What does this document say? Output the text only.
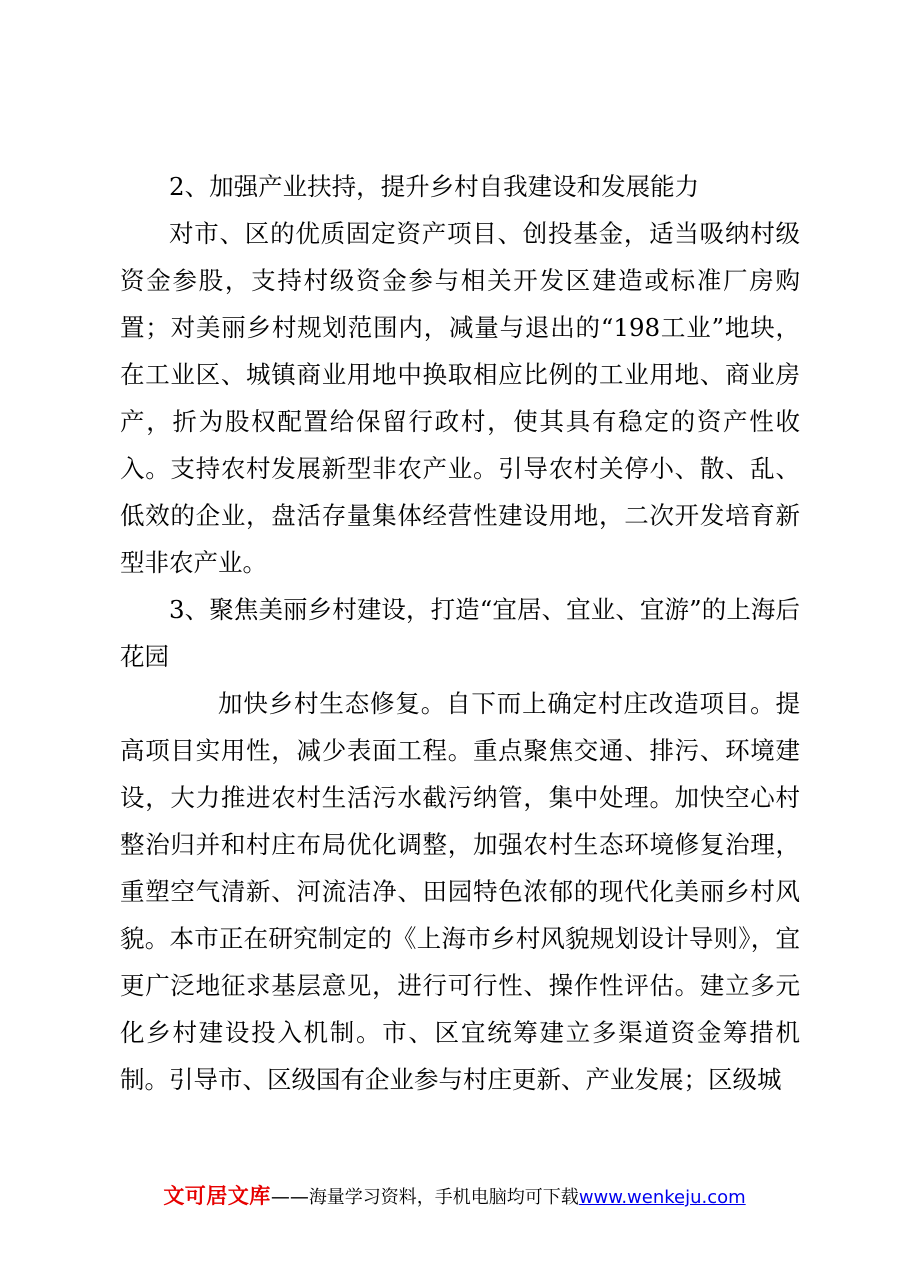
2、加强产业扶持，提升乡村自我建设和发展能力

对市、区的优质固定资产项目、创投基金，适当吸纳村级资金参股，支持村级资金参与相关开发区建造或标准厂房购置；对美丽乡村规划范围内，减量与退出的“198工业”地块，在工业区、城镇商业用地中换取相应比例的工业用地、商业房产，折为股权配置给保留行政村，使其具有稳定的资产性收入。支持农村发展新型非农产业。引导农村关停小、散、乱、低效的企业，盘活存量集体经营性建设用地，二次开发培育新型非农产业。

3、聚焦美丽乡村建设，打造“宜居、宜业、宜游”的上海后花园

加快乡村生态修复。自下而上确定村庄改造项目。提高项目实用性，减少表面工程。重点聚焦交通、排污、环境建设，大力推进农村生活污水截污纳管，集中处理。加快空心村整治归并和村庄布局优化调整，加强农村生态环境修复治理，重塑空气清新、河流洁净、田园特色浓郁的现代化美丽乡村风貌。本市正在研究制定的《上海市乡村风貌规划设计导则》，宜更广泛地征求基层意见，进行可行性、操作性评估。建立多元化乡村建设投入机制。市、区宜统筹建立多渠道资金筹措机制。引导市、区级国有企业参与村庄更新、产业发展；区级城

文可居文库——海量学习资料，手机电脑均可下载www.wenkeju.com
